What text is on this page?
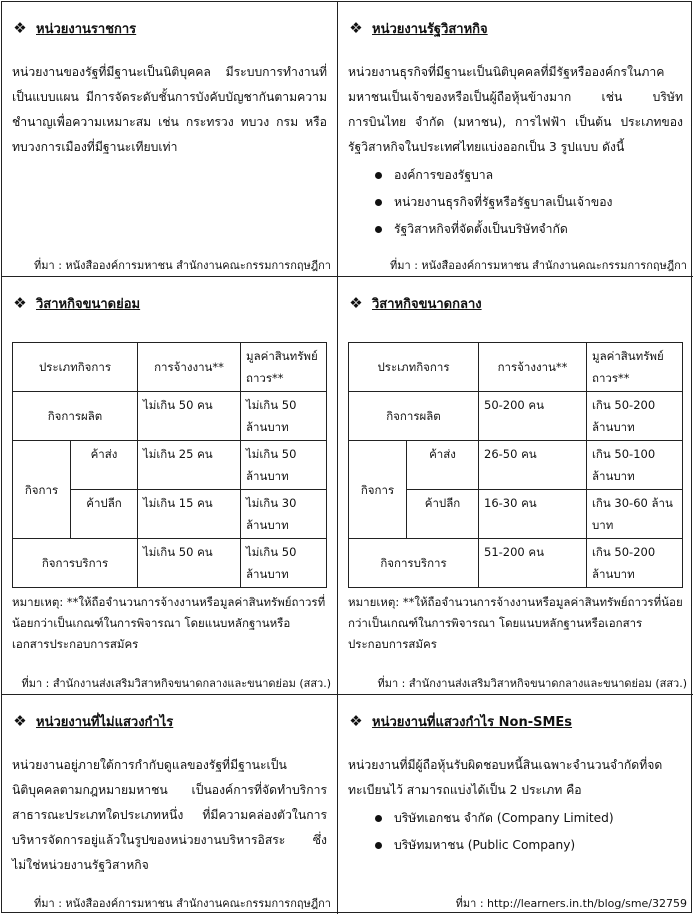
❖ หน่วยงานราชการ

หน่วยงานของรัฐที่มีฐานะเป็นนิติบุคคล มีระบบการทำงานที่เป็นแบบแผน มีการจัดระดับชั้นการบังคับบัญชากันตามความชำนาญเพื่อความเหมาะสม เช่น กระทรวง ทบวง กรม หรือทบวงการเมืองที่มีฐานะเทียบเท่า

ที่มา : หนังสือองค์การมหาชน สำนักงานคณะกรรมการกฤษฎีกา
❖ หน่วยงานรัฐวิสาหกิจ

หน่วยงานธุรกิจที่มีฐานะเป็นนิติบุคคลที่มีรัฐหรือองค์กรในภาคมหาชนเป็นเจ้าของหรือเป็นผู้ถือหุ้นข้างมาก เช่น บริษัทการบินไทย จำกัด (มหาชน), การไฟฟ้า เป็นต้น ประเภทของรัฐวิสาหกิจในประเทศไทยแบ่งออกเป็น 3 รูปแบบ ดังนี้

องค์การของรัฐบาล
หน่วยงานธุรกิจที่รัฐหรือรัฐบาลเป็นเจ้าของ
รัฐวิสาหกิจที่จัดตั้งเป็นบริษัทจำกัด
ที่มา : หนังสือองค์การมหาชน สำนักงานคณะกรรมการกฤษฎีกา
❖ วิสาหกิจขนาดย่อม
ประเภทกิจการ		การจ้างงาน**	มูลค่าสินทรัพย์ถาวร**
กิจการผลิต		ไม่เกิน 50 คน	ไม่เกิน 50 ล้านบาท
กิจการ	ค้าส่ง	ไม่เกิน 25 คน	ไม่เกิน 50 ล้านบาท
	ค้าปลีก	ไม่เกิน 15 คน	ไม่เกิน 30 ล้านบาท
กิจการบริการ		ไม่เกิน 50 คน	ไม่เกิน 50 ล้านบาท

หมายเหตุ: **ให้ถือจำนวนการจ้างงานหรือมูลค่าสินทรัพย์ถาวรที่น้อยกว่าเป็นเกณฑ์ในการพิจารณา โดยแนบหลักฐานหรือเอกสารประกอบการสมัคร

ที่มา : สำนักงานส่งเสริมวิสาหกิจขนาดกลางและขนาดย่อม (สสว.)
❖ วิสาหกิจขนาดกลาง
ประเภทกิจการ		การจ้างงาน**	มูลค่าสินทรัพย์ถาวร**
กิจการผลิต		50-200 คน	เกิน 50-200 ล้านบาท
กิจการ	ค้าส่ง	26-50 คน	เกิน 50-100 ล้านบาท
	ค้าปลีก	16-30 คน	เกิน 30-60 ล้านบาท
กิจการบริการ		51-200 คน	เกิน 50-200 ล้านบาท

หมายเหตุ: **ให้ถือจำนวนการจ้างงานหรือมูลค่าสินทรัพย์ถาวรที่น้อยกว่าเป็นเกณฑ์ในการพิจารณา โดยแนบหลักฐานหรือเอกสารประกอบการสมัคร

ที่มา : สำนักงานส่งเสริมวิสาหกิจขนาดกลางและขนาดย่อม (สสว.)
❖ หน่วยงานที่ไม่แสวงกำไร

หน่วยงานอยู่ภายใต้การกำกับดูแลของรัฐที่มีฐานะเป็นนิติบุคคลตามกฎหมายมหาชน เป็นองค์การที่จัดทำบริการสาธารณะประเภทใดประเภทหนึ่ง ที่มีความคล่องตัวในการบริหารจัดการอยู่แล้วในรูปของหน่วยงานบริหารอิสระ ซึ่งไม่ใช่หน่วยงานรัฐวิสาหกิจ

ที่มา : หนังสือองค์การมหาชน สำนักงานคณะกรรมการกฤษฎีกา
❖ หน่วยงานที่แสวงกำไร Non-SMEs

หน่วยงานที่มีผู้ถือหุ้นรับผิดชอบหนี้สินเฉพาะจำนวนจำกัดที่จดทะเบียนไว้ สามารถแบ่งได้เป็น 2 ประเภท คือ

บริษัทเอกชน จำกัด (Company Limited)
บริษัทมหาชน (Public Company)
ที่มา : http://learners.in.th/blog/sme/32759
